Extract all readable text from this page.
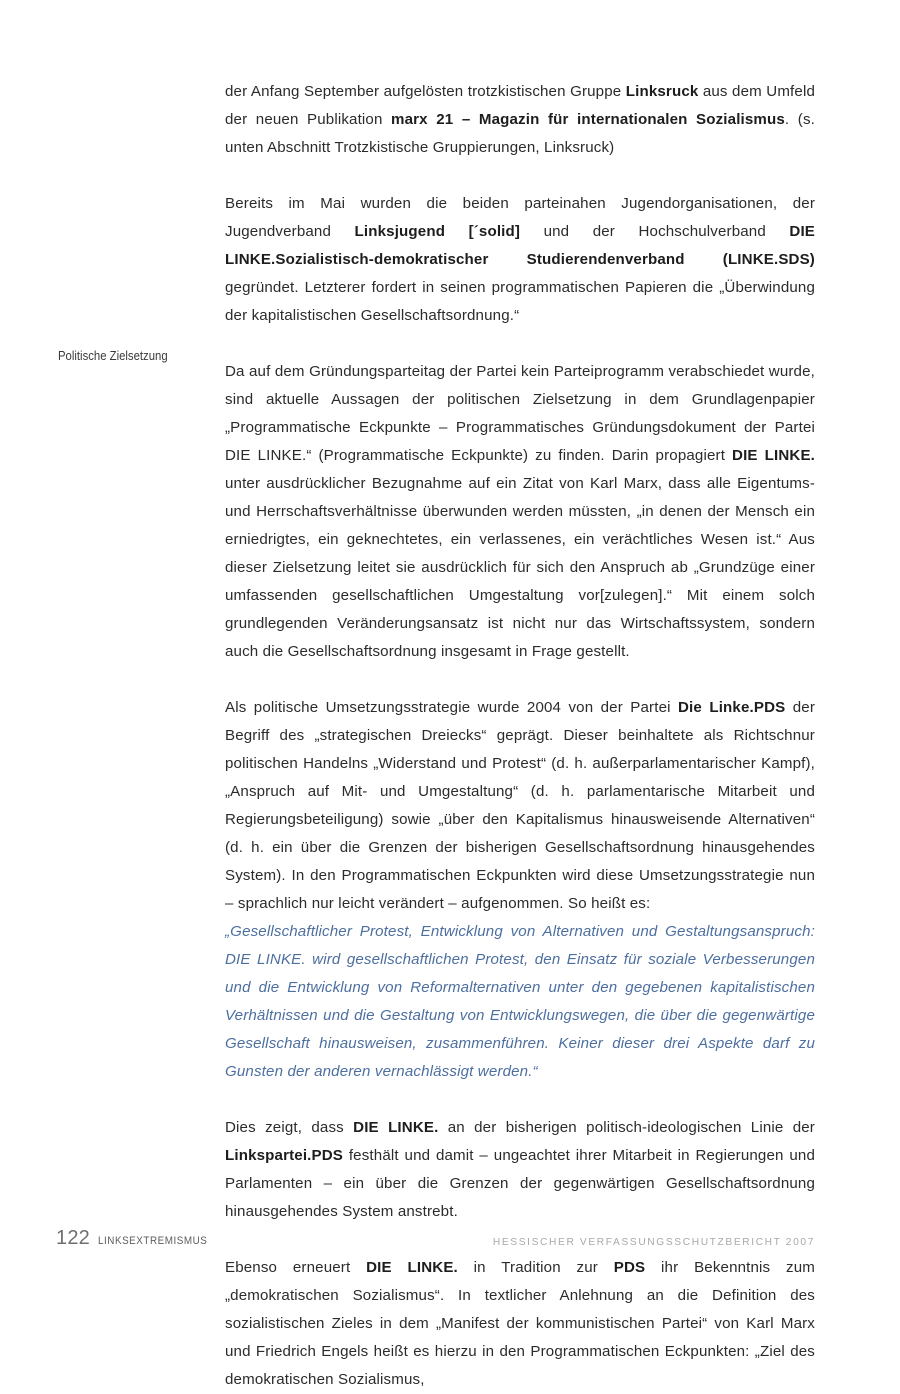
Politische Zielsetzung

der Anfang September aufgelösten trotzkistischen Gruppe Linksruck aus dem Umfeld der neuen Publikation marx 21 – Magazin für internationalen Sozialismus. (s. unten Abschnitt Trotzkistische Gruppierungen, Linksruck)

Bereits im Mai wurden die beiden parteinahen Jugendorganisationen, der Jugendverband Linksjugend [´solid] und der Hochschulverband DIE LINKE.Sozialistisch-demokratischer Studierendenverband (LINKE.SDS) gegründet. Letzterer fordert in seinen programmatischen Papieren die „Überwindung der kapitalistischen Gesellschaftsordnung.“

Da auf dem Gründungsparteitag der Partei kein Parteiprogramm verabschiedet wurde, sind aktuelle Aussagen der politischen Zielsetzung in dem Grundlagenpapier „Programmatische Eckpunkte – Programmatisches Gründungsdokument der Partei DIE LINKE.“ (Programmatische Eckpunkte) zu finden. Darin propagiert DIE LINKE. unter ausdrücklicher Bezugnahme auf ein Zitat von Karl Marx, dass alle Eigentums- und Herrschaftsverhältnisse überwunden werden müssten, „in denen der Mensch ein erniedrigtes, ein geknechtetes, ein verlassenes, ein verächtliches Wesen ist.“ Aus dieser Zielsetzung leitet sie ausdrücklich für sich den Anspruch ab „Grundzüge einer umfassenden gesellschaftlichen Umgestaltung vor[zulegen].“ Mit einem solch grundlegenden Veränderungsansatz ist nicht nur das Wirtschaftssystem, sondern auch die Gesellschaftsordnung insgesamt in Frage gestellt.

Als politische Umsetzungsstrategie wurde 2004 von der Partei Die Linke.PDS der Begriff des „strategischen Dreiecks“ geprägt. Dieser beinhaltete als Richtschnur politischen Handelns „Widerstand und Protest“ (d. h. außerparlamentarischer Kampf), „Anspruch auf Mit- und Umgestaltung“ (d. h. parlamentarische Mitarbeit und Regierungsbeteiligung) sowie „über den Kapitalismus hinausweisende Alternativen“ (d. h. ein über die Grenzen der bisherigen Gesellschaftsordnung hinausgehendes System). In den Programmatischen Eckpunkten wird diese Umsetzungsstrategie nun – sprachlich nur leicht verändert – aufgenommen. So heißt es:

„Gesellschaftlicher Protest, Entwicklung von Alternativen und Gestaltungsanspruch: DIE LINKE. wird gesellschaftlichen Protest, den Einsatz für soziale Verbesserungen und die Entwicklung von Reformalternativen unter den gegebenen kapitalistischen Verhältnissen und die Gestaltung von Entwicklungswegen, die über die gegenwärtige Gesellschaft hinausweisen, zusammenführen. Keiner dieser drei Aspekte darf zu Gunsten der anderen vernachlässigt werden.“

Dies zeigt, dass DIE LINKE. an der bisherigen politisch-ideologischen Linie der Linkspartei.PDS festhält und damit – ungeachtet ihrer Mitarbeit in Regierungen und Parlamenten – ein über die Grenzen der gegenwärtigen Gesellschaftsordnung hinausgehendes System anstrebt.

Ebenso erneuert DIE LINKE. in Tradition zur PDS ihr Bekenntnis zum „demokratischen Sozialismus“. In textlicher Anlehnung an die Definition des sozialistischen Zieles in dem „Manifest der kommunistischen Partei“ von Karl Marx und Friedrich Engels heißt es hierzu in den Programmatischen Eckpunkten: „Ziel des demokratischen Sozialismus,

122 LINKSEXTREMISMUS	HESSISCHER VERFASSUNGSSCHUTZBERICHT 2007
